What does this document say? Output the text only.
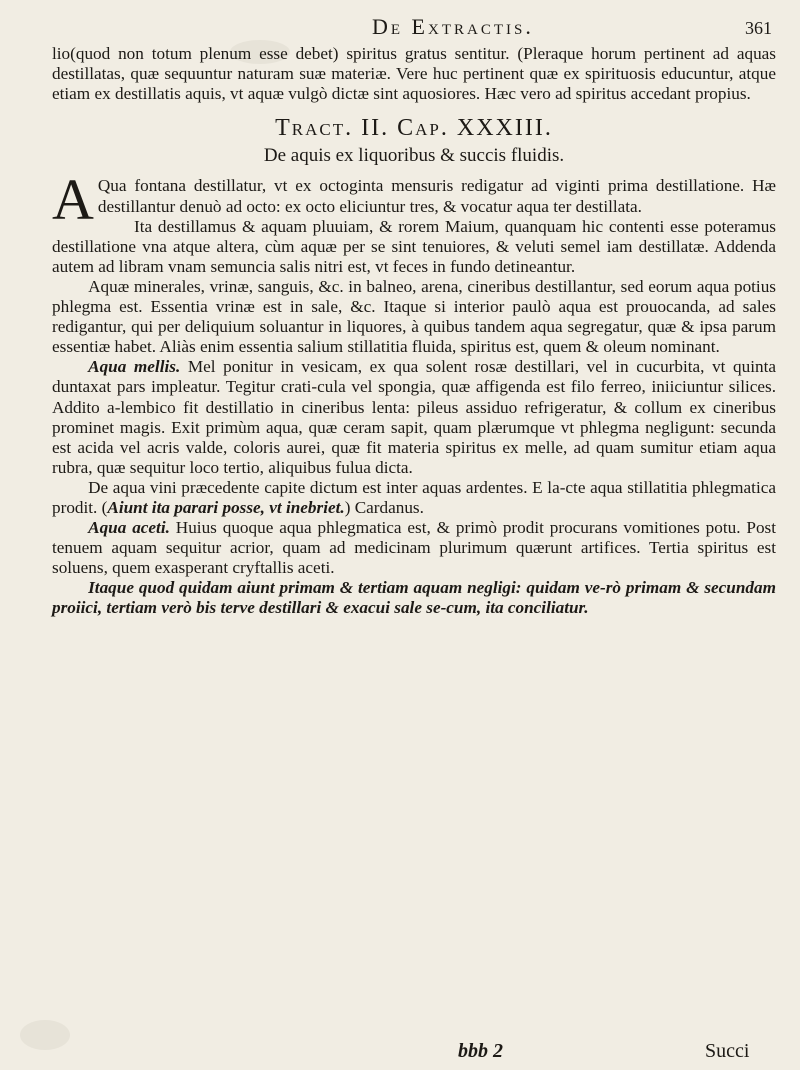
De Extractis.	361

lio(quod non totum plenum esse debet) spiritus gratus sentitur. (Pleraque horum pertinent ad aquas destillatas, quæ sequuntur naturam suæ materiæ. Vere huc pertinent quæ ex spirituosis educuntur, atque etiam ex destillatis aquis, vt aquæ vulgò dictæ sint aquosiores. Hæc vero ad spiritus accedant propius.

Tract. II. Cap. XXXIII.

De aquis ex liquoribus & succis fluidis.

A Qua fontana destillatur, vt ex octoginta mensuris redigatur ad viginti prima destillatione. Hæ destillantur denuò ad octo: ex octo eliciuntur tres, & vocatur aqua ter destillata.

Ita destillamus & aquam pluuiam, & rorem Maium, quanquam hic contenti esse poteramus destillatione vna atque altera, cùm aquæ per se sint tenuiores, & veluti semel iam destillatæ. Addenda autem ad libram vnam semuncia salis nitri est, vt feces in fundo detineantur.

Aquæ minerales, vrinæ, sanguis, &c. in balneo, arena, cineribus destillantur, sed eorum aqua potius phlegma est. Essentia vrinæ est in sale, &c. Itaque si interior paulò aqua est prouocanda, ad sales redigantur, qui per deliquium soluantur in liquores, à quibus tandem aqua segregatur, quæ & ipsa parum essentiæ habet. Aliàs enim essentia salium stillatitia fluida, spiritus est, quem & oleum nominant.

Aqua mellis. Mel ponitur in vesicam, ex qua solent rosæ destillari, vel in cucurbita, vt quinta duntaxat pars impleatur. Tegitur crati-cula vel spongia, quæ affigenda est filo ferreo, iniiciuntur silices. Addito a-lembico fit destillatio in cineribus lenta: pileus assiduo refrigeratur, & collum ex cineribus prominet magis. Exit primùm aqua, quæ ceram sapit, quam plærumque vt phlegma negligunt: secunda est acida vel acris valde, coloris aurei, quæ fit materia spiritus ex melle, ad quam sumitur etiam aqua rubra, quæ sequitur loco tertio, aliquibus fulua dicta.

De aqua vini præcedente capite dictum est inter aquas ardentes. E la-cte aqua stillatitia phlegmatica prodit. (Aiunt ita parari posse, vt inebriet.) Cardanus.

Aqua aceti. Huius quoque aqua phlegmatica est, & primò prodit procurans vomitiones potu. Post tenuem aquam sequitur acrior, quam ad medicinam plurimum quærunt artifices. Tertia spiritus est soluens, quem exasperant cryftallis aceti.

Itaque quod quidam aiunt primam & tertiam aquam negligi: quidam ve-rò primam & secundam proiici, tertiam verò bis terve destillari & exacui sale se-cum, ita conciliatur.

bbb 2	Succi
